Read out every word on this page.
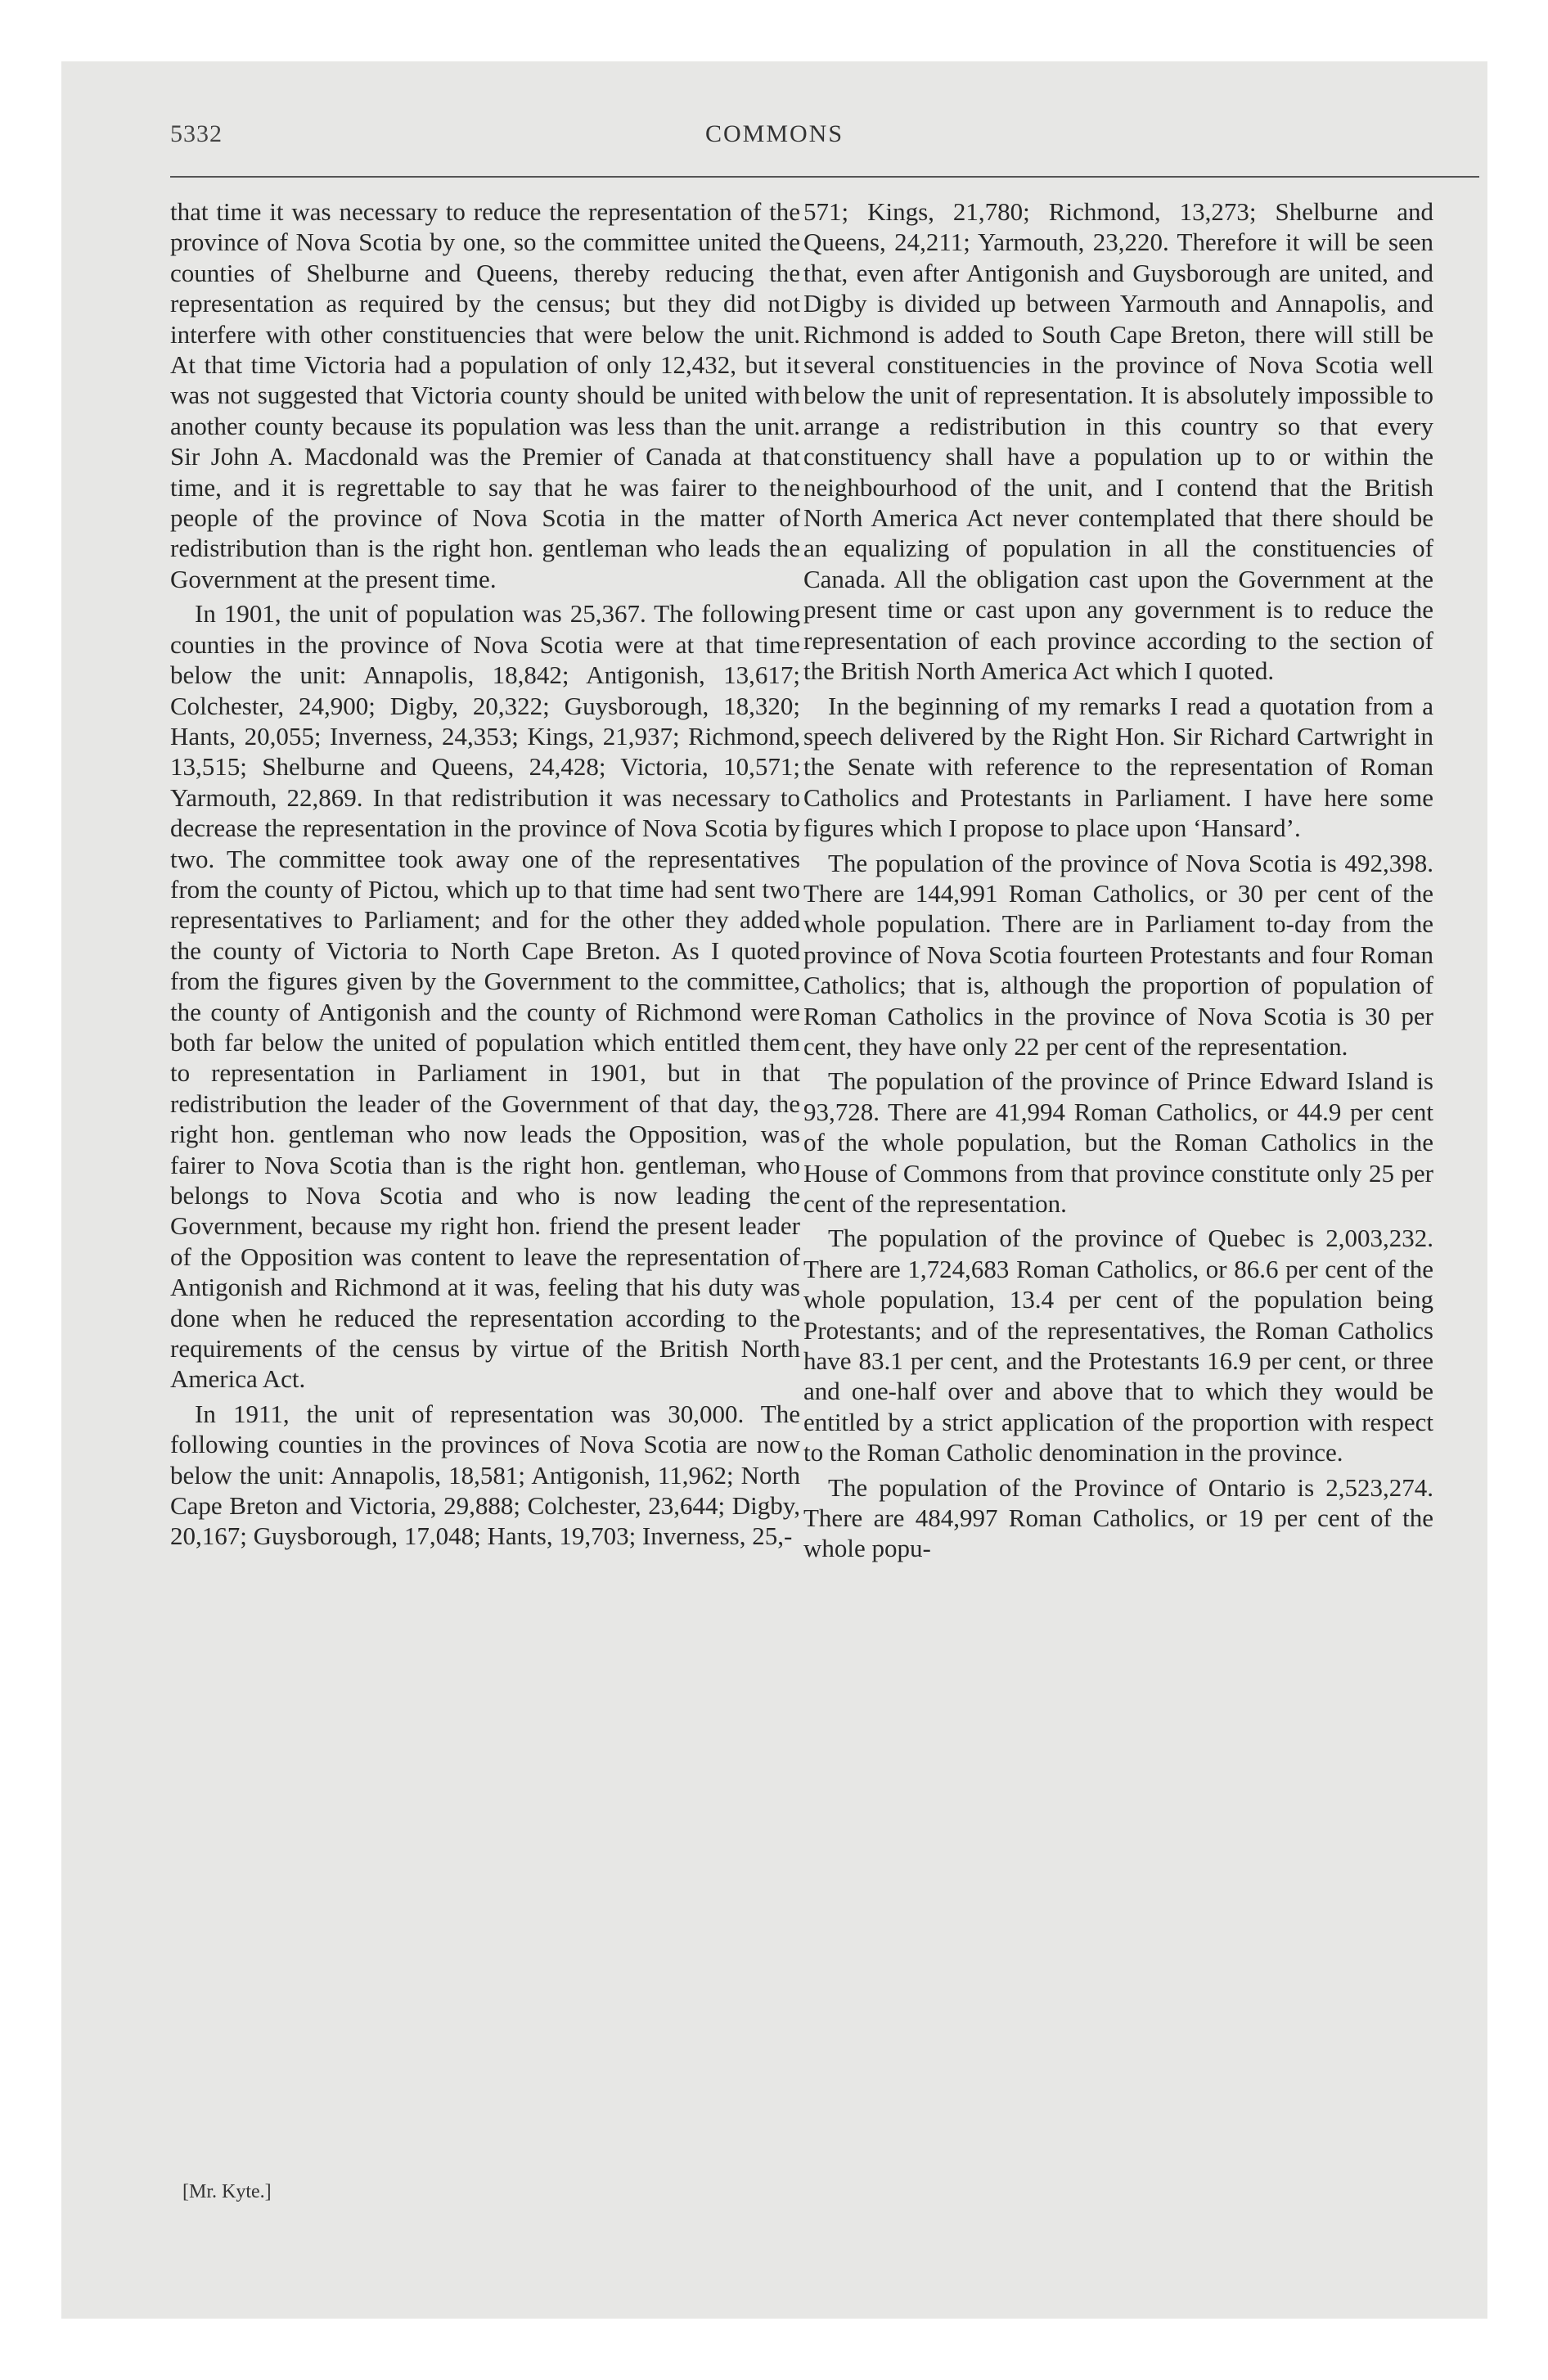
5332	COMMONS

that time it was necessary to reduce the representation of the province of Nova Scotia by one, so the committee united the counties of Shelburne and Queens, thereby reducing the representation as required by the census; but they did not interfere with other constituencies that were below the unit. At that time Victoria had a population of only 12,432, but it was not suggested that Victoria county should be united with another county because its population was less than the unit. Sir John A. Macdonald was the Premier of Canada at that time, and it is regrettable to say that he was fairer to the people of the province of Nova Scotia in the matter of redistribution than is the right hon. gentleman who leads the Government at the present time.

In 1901, the unit of population was 25,367. The following counties in the province of Nova Scotia were at that time below the unit: Annapolis, 18,842; Antigonish, 13,617; Colchester, 24,900; Digby, 20,322; Guysborough, 18,320; Hants, 20,055; Inverness, 24,353; Kings, 21,937; Richmond, 13,515; Shelburne and Queens, 24,428; Victoria, 10,571; Yarmouth, 22,869. In that redistribution it was necessary to decrease the representation in the province of Nova Scotia by two. The committee took away one of the representatives from the county of Pictou, which up to that time had sent two representatives to Parliament; and for the other they added the county of Victoria to North Cape Breton. As I quoted from the figures given by the Government to the committee, the county of Antigonish and the county of Richmond were both far below the united of population which entitled them to representation in Parliament in 1901, but in that redistribution the leader of the Government of that day, the right hon. gentleman who now leads the Opposition, was fairer to Nova Scotia than is the right hon. gentleman, who belongs to Nova Scotia and who is now leading the Government, because my right hon. friend the present leader of the Opposition was content to leave the representation of Antigonish and Richmond at it was, feeling that his duty was done when he reduced the representation according to the requirements of the census by virtue of the British North America Act.

In 1911, the unit of representation was 30,000. The following counties in the provinces of Nova Scotia are now below the unit: Annapolis, 18,581; Antigonish, 11,962; North Cape Breton and Victoria, 29,888; Colchester, 23,644; Digby, 20,167; Guysborough, 17,048; Hants, 19,703; Inverness, 25,-

571; Kings, 21,780; Richmond, 13,273; Shelburne and Queens, 24,211; Yarmouth, 23,220. Therefore it will be seen that, even after Antigonish and Guysborough are united, and Digby is divided up between Yarmouth and Annapolis, and Richmond is added to South Cape Breton, there will still be several constituencies in the province of Nova Scotia well below the unit of representation. It is absolutely impossible to arrange a redistribution in this country so that every constituency shall have a population up to or within the neighbourhood of the unit, and I contend that the British North America Act never contemplated that there should be an equalizing of population in all the constituencies of Canada. All the obligation cast upon the Government at the present time or cast upon any government is to reduce the representation of each province according to the section of the British North America Act which I quoted.

In the beginning of my remarks I read a quotation from a speech delivered by the Right Hon. Sir Richard Cartwright in the Senate with reference to the representation of Roman Catholics and Protestants in Parliament. I have here some figures which I propose to place upon ‘Hansard’.

The population of the province of Nova Scotia is 492,398. There are 144,991 Roman Catholics, or 30 per cent of the whole population. There are in Parliament to-day from the province of Nova Scotia fourteen Protestants and four Roman Catholics; that is, although the proportion of population of Roman Catholics in the province of Nova Scotia is 30 per cent, they have only 22 per cent of the representation.

The population of the province of Prince Edward Island is 93,728. There are 41,994 Roman Catholics, or 44.9 per cent of the whole population, but the Roman Catholics in the House of Commons from that province constitute only 25 per cent of the representation.

The population of the province of Quebec is 2,003,232. There are 1,724,683 Roman Catholics, or 86.6 per cent of the whole population, 13.4 per cent of the population being Protestants; and of the representatives, the Roman Catholics have 83.1 per cent, and the Protestants 16.9 per cent, or three and one-half over and above that to which they would be entitled by a strict application of the proportion with respect to the Roman Catholic denomination in the province.

The population of the Province of Ontario is 2,523,274. There are 484,997 Roman Catholics, or 19 per cent of the whole popu-

[Mr. Kyte.]
